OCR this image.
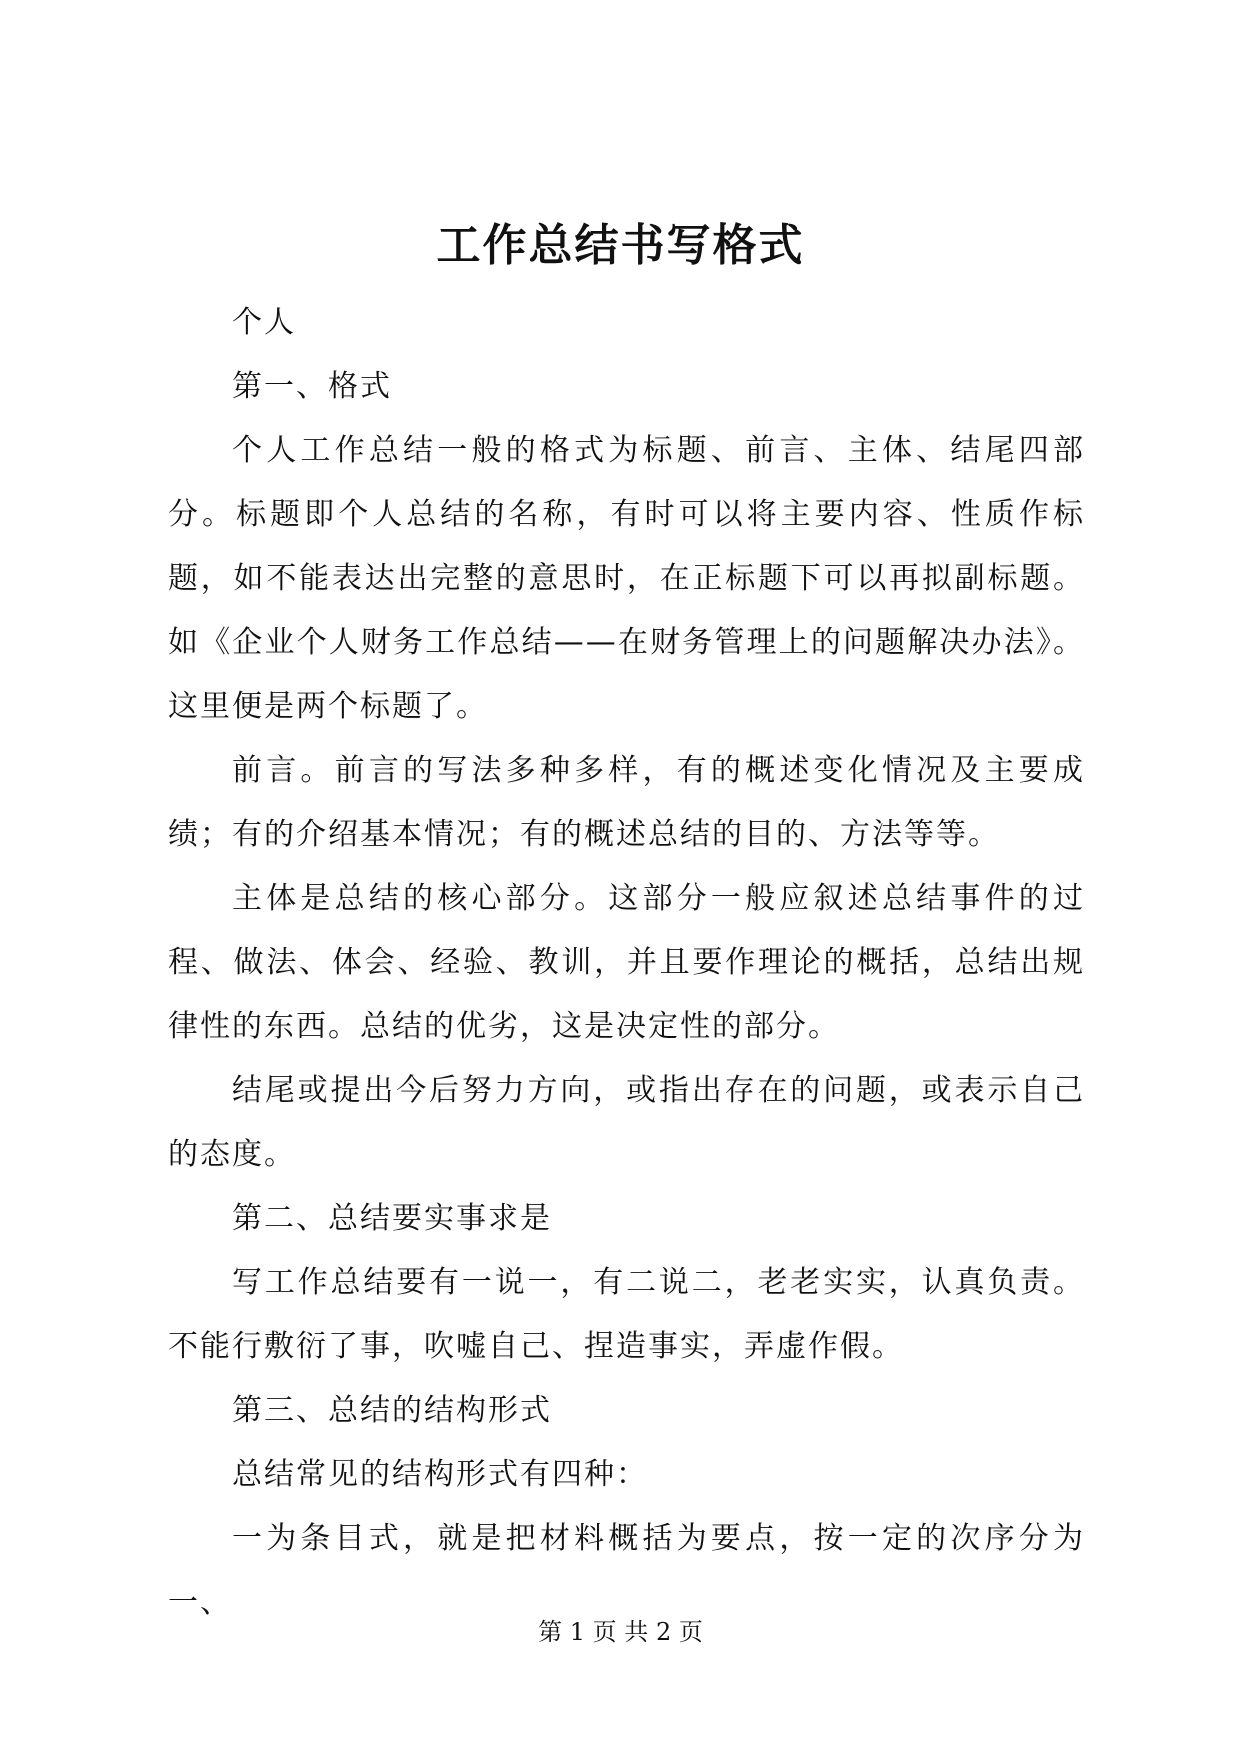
工作总结书写格式

个人

第一、格式

个人工作总结一般的格式为标题、前言、主体、结尾四部分。标题即个人总结的名称，有时可以将主要内容、性质作标题，如不能表达出完整的意思时，在正标题下可以再拟副标题。如《企业个人财务工作总结——在财务管理上的问题解决办法》。这里便是两个标题了。

前言。前言的写法多种多样，有的概述变化情况及主要成绩；有的介绍基本情况；有的概述总结的目的、方法等等。

主体是总结的核心部分。这部分一般应叙述总结事件的过程、做法、体会、经验、教训，并且要作理论的概括，总结出规律性的东西。总结的优劣，这是决定性的部分。

结尾或提出今后努力方向，或指出存在的问题，或表示自己的态度。

第二、总结要实事求是

写工作总结要有一说一，有二说二，老老实实，认真负责。不能行敷衍了事，吹嘘自己、捏造事实，弄虚作假。

第三、总结的结构形式

总结常见的结构形式有四种：

一为条目式，就是把材料概括为要点，按一定的次序分为一、

第 1 页 共 2 页
